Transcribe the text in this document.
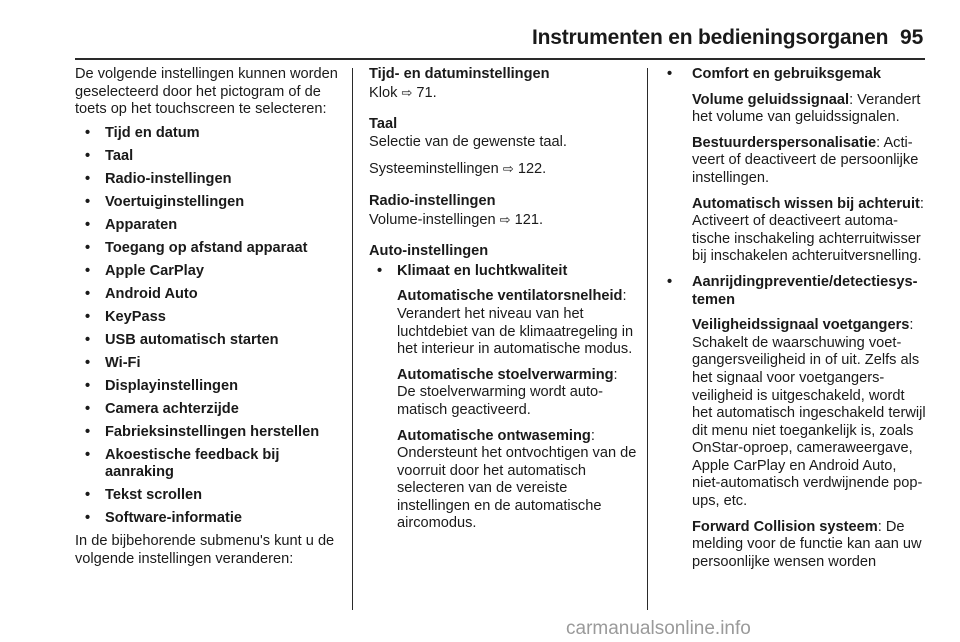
Instrumenten en bedieningsorganen 95

De volgende instellingen kunnen worden geselecteerd door het pictogram of de toets op het touchscreen te selecteren:

• Tijd en datum
• Taal
• Radio-instellingen
• Voertuiginstellingen
• Apparaten
• Toegang op afstand apparaat
• Apple CarPlay
• Android Auto
• KeyPass
• USB automatisch starten
• Wi-Fi
• Displayinstellingen
• Camera achterzijde
• Fabrieksinstellingen herstellen
• Akoestische feedback bij aanraking
• Tekst scrollen
• Software-informatie

In de bijbehorende submenu's kunt u de volgende instellingen veranderen:

Tijd- en datuminstellingen

Klok ⇨ 71.

Taal

Selectie van de gewenste taal.

Systeeminstellingen ⇨ 122.

Radio-instellingen

Volume-instellingen ⇨ 121.

Auto-instellingen

• Klimaat en luchtkwaliteit

Automatische ventilatorsnelheid: Verandert het niveau van het luchtdebiet van de klimaatregeling in het interieur in automatische modus.

Automatische stoelverwarming: De stoelverwarming wordt automatisch geactiveerd.

Automatische ontwaseming: Ondersteunt het ontvochtigen van de voorruit door het automatisch selecteren van de vereiste instellingen en de automatische aircomodus.

• Comfort en gebruiksgemak

Volume geluidssignaal: Verandert het volume van geluidssignalen.

Bestuurderspersonalisatie: Activeert of deactiveert de persoonlijke instellingen.

Automatisch wissen bij achteruit: Activeert of deactiveert automatische inschakeling achterruitwisser bij inschakelen achteruitversnelling.

• Aanrijdingpreventie/detectiesystemen

Veiligheidssignaal voetgangers: Schakelt de waarschuwing voetgangersveiligheid in of uit. Zelfs als het signaal voor voetgangersveiligheid is uitgeschakeld, wordt het automatisch ingeschakeld terwijl dit menu niet toegankelijk is, zoals OnStar-oproep, cameraweergave, Apple CarPlay en Android Auto, niet-automatisch verdwijnende pop-ups, etc.

Forward Collision systeem: De melding voor de functie kan aan uw persoonlijke wensen worden

carmanualsonline.info
